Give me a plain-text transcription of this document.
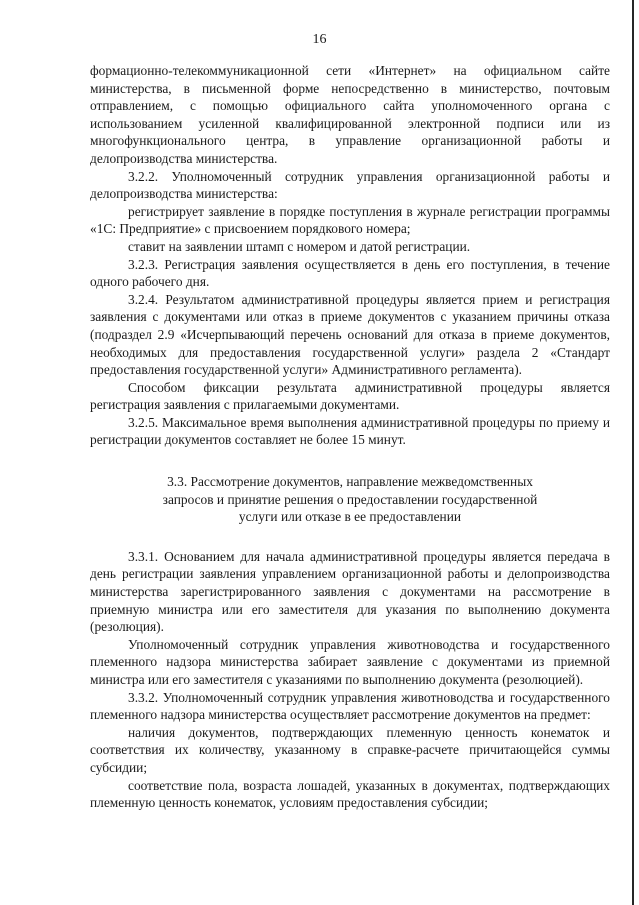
16

формационно-телекоммуникационной сети «Интернет» на официальном сайте министерства, в письменной форме непосредственно в министерство, почтовым отправлением, с помощью официального сайта уполномоченного органа с использованием усиленной квалифицированной электронной подписи или из многофункционального центра, в управление организационной работы и делопроизводства министерства.

3.2.2. Уполномоченный сотрудник управления организационной работы и делопроизводства министерства:

регистрирует заявление в порядке поступления в журнале регистрации программы «1С: Предприятие» с присвоением порядкового номера;

ставит на заявлении штамп с номером и датой регистрации.

3.2.3. Регистрация заявления осуществляется в день его поступления, в течение одного рабочего дня.

3.2.4. Результатом административной процедуры является прием и регистрация заявления с документами или отказ в приеме документов с указанием причины отказа (подраздел 2.9 «Исчерпывающий перечень оснований для отказа в приеме документов, необходимых для предоставления государственной услуги» раздела 2 «Стандарт предоставления государственной услуги» Административного регламента).

Способом фиксации результата административной процедуры является регистрация заявления с прилагаемыми документами.

3.2.5. Максимальное время выполнения административной процедуры по приему и регистрации документов составляет не более 15 минут.

3.3. Рассмотрение документов, направление межведомственных
запросов и принятие решения о предоставлении государственной
услуги или отказе в ее предоставлении

3.3.1. Основанием для начала административной процедуры является передача в день регистрации заявления управлением организационной работы и делопроизводства министерства зарегистрированного заявления с документами на рассмотрение в приемную министра или его заместителя для указания по выполнению документа (резолюция).

Уполномоченный сотрудник управления животноводства и государственного племенного надзора министерства забирает заявление с документами из приемной министра или его заместителя с указаниями по выполнению документа (резолюцией).

3.3.2. Уполномоченный сотрудник управления животноводства и государственного племенного надзора министерства осуществляет рассмотрение документов на предмет:

наличия документов, подтверждающих племенную ценность конематок и соответствия их количеству, указанному в справке-расчете причитающейся суммы субсидии;

соответствие пола, возраста лошадей, указанных в документах, подтверждающих племенную ценность конематок, условиям предоставления субсидии;
